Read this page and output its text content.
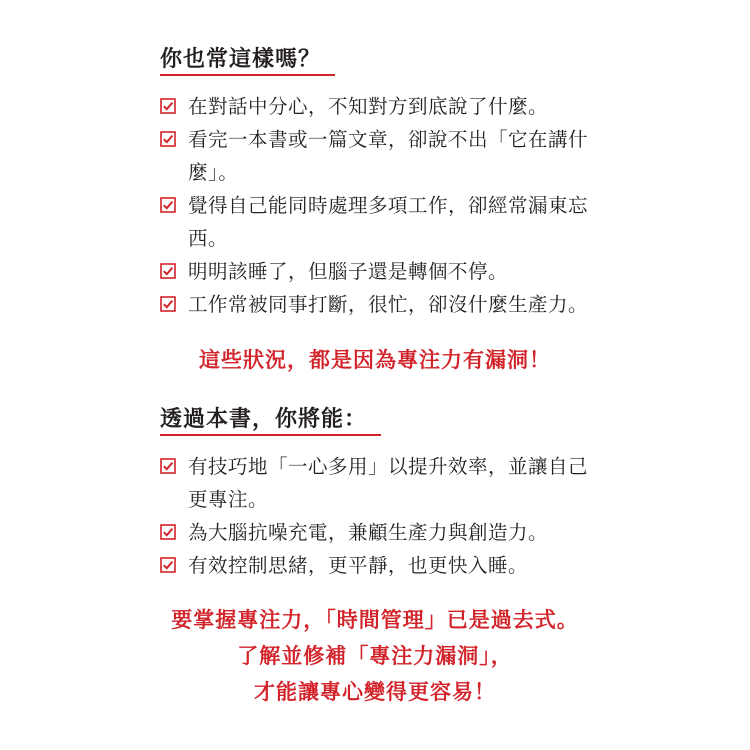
你也常這樣嗎？
在對話中分心，不知對方到底說了什麼。
看完一本書或一篇文章，卻說不出「它在講什麼」。
覺得自己能同時處理多項工作，卻經常漏東忘西。
明明該睡了，但腦子還是轉個不停。
工作常被同事打斷，很忙，卻沒什麼生產力。
這些狀況，都是因為專注力有漏洞！
透過本書，你將能：
有技巧地「一心多用」以提升效率，並讓自己更專注。
為大腦抗噪充電，兼顧生產力與創造力。
有效控制思緒，更平靜，也更快入睡。
要掌握專注力，「時間管理」已是過去式。
了解並修補「專注力漏洞」，
才能讓專心變得更容易！
